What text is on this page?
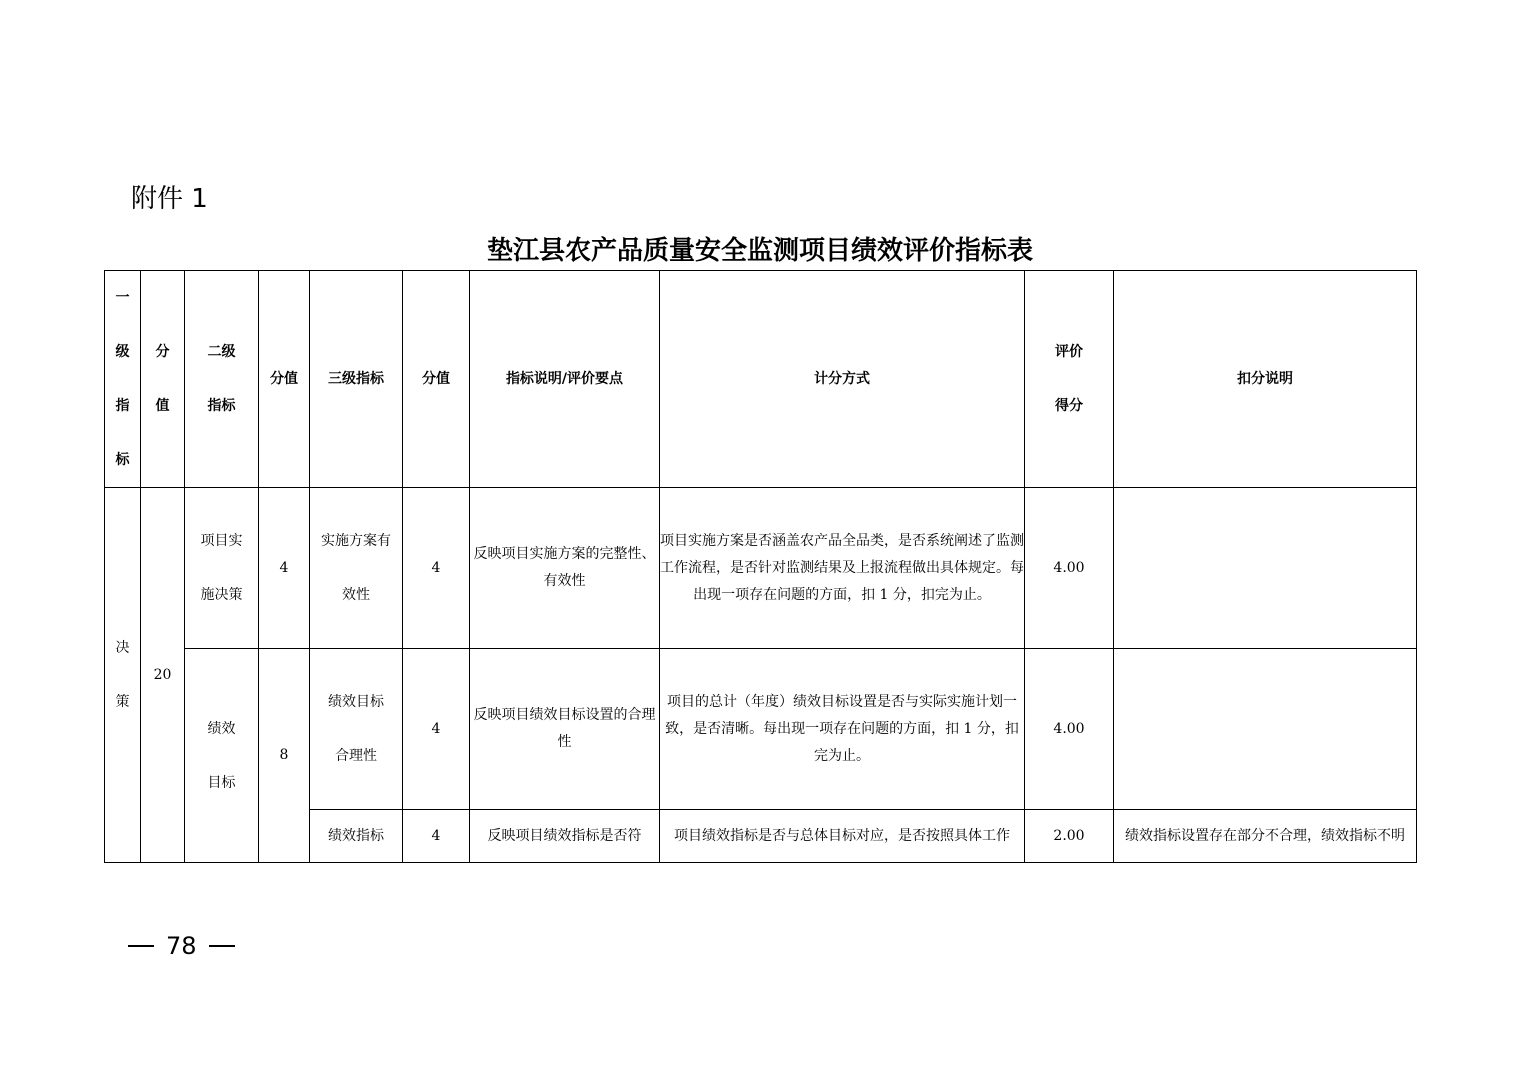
附件 1
垫江县农产品质量安全监测项目绩效评价指标表
一级指标	分值	二级指标	分值	三级指标	分值	指标说明/评价要点	计分方式	评价得分	扣分说明
决策	20	项目实施决策	4	实施方案有效性	4	反映项目实施方案的完整性、有效性	项目实施方案是否涵盖农产品全品类，是否系统阐述了监测工作流程，是否针对监测结果及上报流程做出具体规定。每出现一项存在问题的方面，扣 1 分，扣完为止。	4.00	
		绩效目标	8	绩效目标合理性	4	反映项目绩效目标设置的合理性	项目的总计（年度）绩效目标设置是否与实际实施计划一致，是否清晰。每出现一项存在问题的方面，扣 1 分，扣完为止。	4.00	
				绩效指标	4	反映项目绩效指标是否符	项目绩效指标是否与总体目标对应，是否按照具体工作	2.00	绩效指标设置存在部分不合理，绩效指标不明
78
